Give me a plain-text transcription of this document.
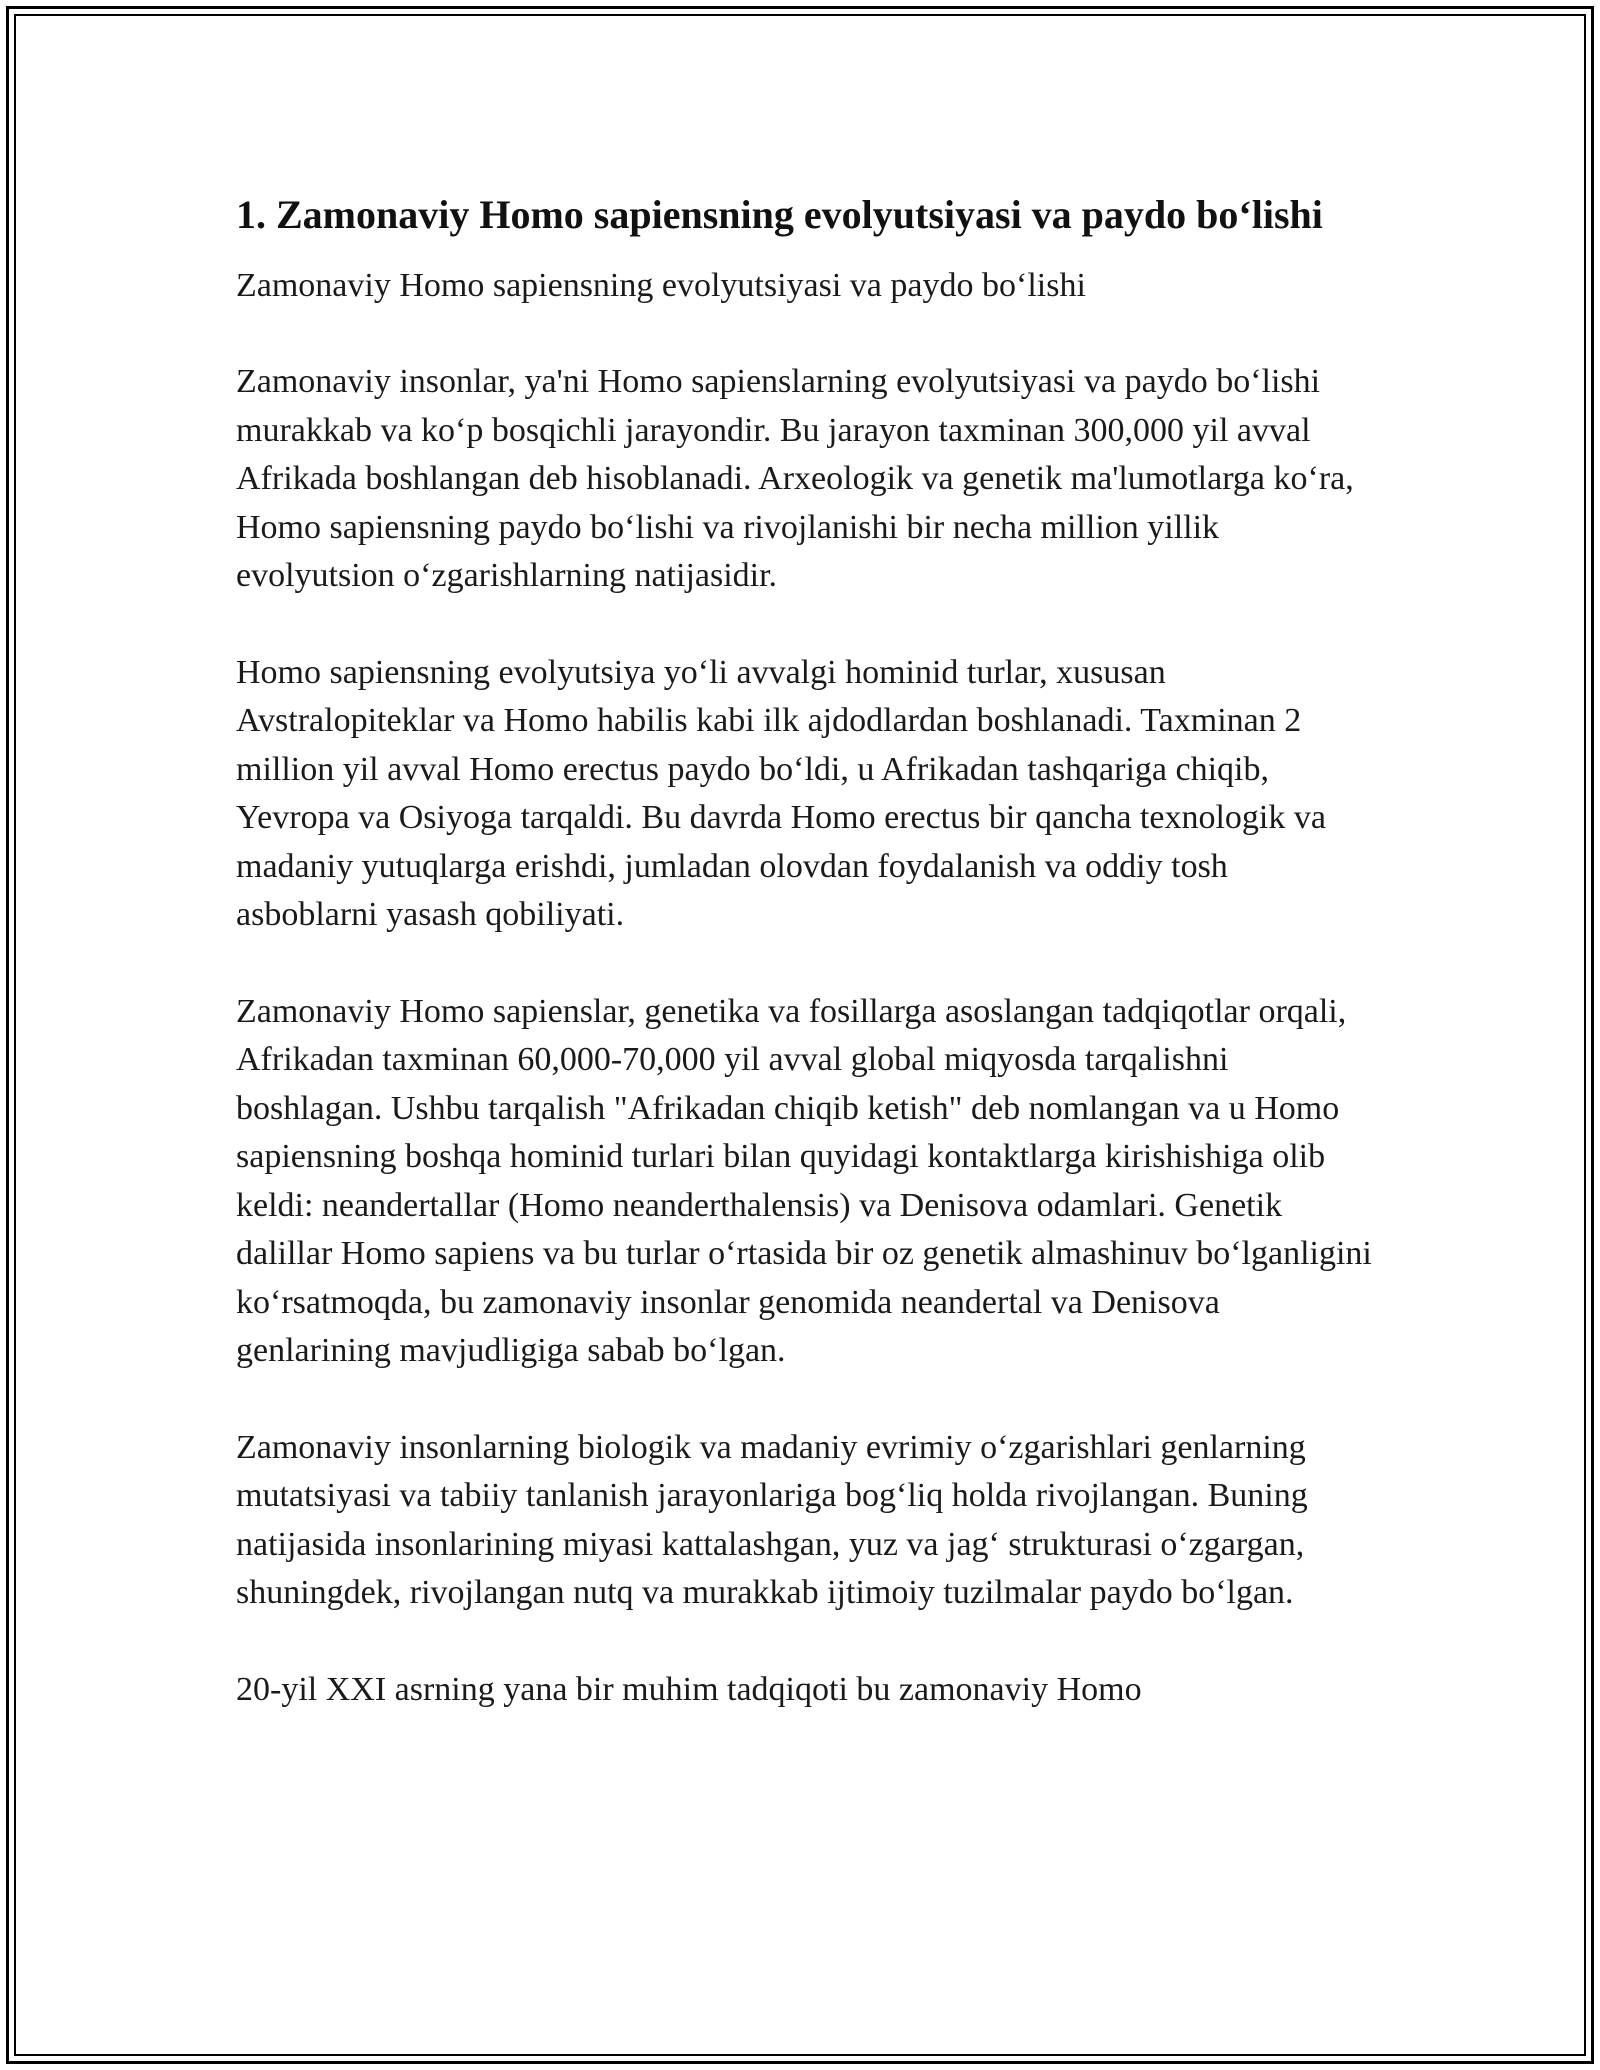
1. Zamonaviy Homo sapiensning evolyutsiyasi va paydo bo‘lishi

Zamonaviy Homo sapiensning evolyutsiyasi va paydo bo‘lishi

Zamonaviy insonlar, ya'ni Homo sapienslarning evolyutsiyasi va paydo bo‘lishi murakkab va ko‘p bosqichli jarayondir. Bu jarayon taxminan 300,000 yil avval Afrikada boshlangan deb hisoblanadi. Arxeologik va genetik ma'lumotlarga ko‘ra, Homo sapiensning paydo bo‘lishi va rivojlanishi bir necha million yillik evolyutsion o‘zgarishlarning natijasidir.

Homo sapiensning evolyutsiya yo‘li avvalgi hominid turlar, xususan Avstralopiteklar va Homo habilis kabi ilk ajdodlardan boshlanadi. Taxminan 2 million yil avval Homo erectus paydo bo‘ldi, u Afrikadan tashqariga chiqib, Yevropa va Osiyoga tarqaldi. Bu davrda Homo erectus bir qancha texnologik va madaniy yutuqlarga erishdi, jumladan olovdan foydalanish va oddiy tosh asboblarni yasash qobiliyati.

Zamonaviy Homo sapienslar, genetika va fosillarga asoslangan tadqiqotlar orqali, Afrikadan taxminan 60,000-70,000 yil avval global miqyosda tarqalishni boshlagan. Ushbu tarqalish "Afrikadan chiqib ketish" deb nomlangan va u Homo sapiensning boshqa hominid turlari bilan quyidagi kontaktlarga kirishishiga olib keldi: neandertallar (Homo neanderthalensis) va Denisova odamlari. Genetik dalillar Homo sapiens va bu turlar o‘rtasida bir oz genetik almashinuv bo‘lganligini ko‘rsatmoqda, bu zamonaviy insonlar genomida neandertal va Denisova genlarining mavjudligiga sabab bo‘lgan.

Zamonaviy insonlarning biologik va madaniy evrimiy o‘zgarishlari genlarning mutatsiyasi va tabiiy tanlanish jarayonlariga bog‘liq holda rivojlangan. Buning natijasida insonlarining miyasi kattalashgan, yuz va jag‘ strukturasi o‘zgargan, shuningdek, rivojlangan nutq va murakkab ijtimoiy tuzilmalar paydo bo‘lgan.

20-yil XXI asrning yana bir muhim tadqiqoti bu zamonaviy Homo
